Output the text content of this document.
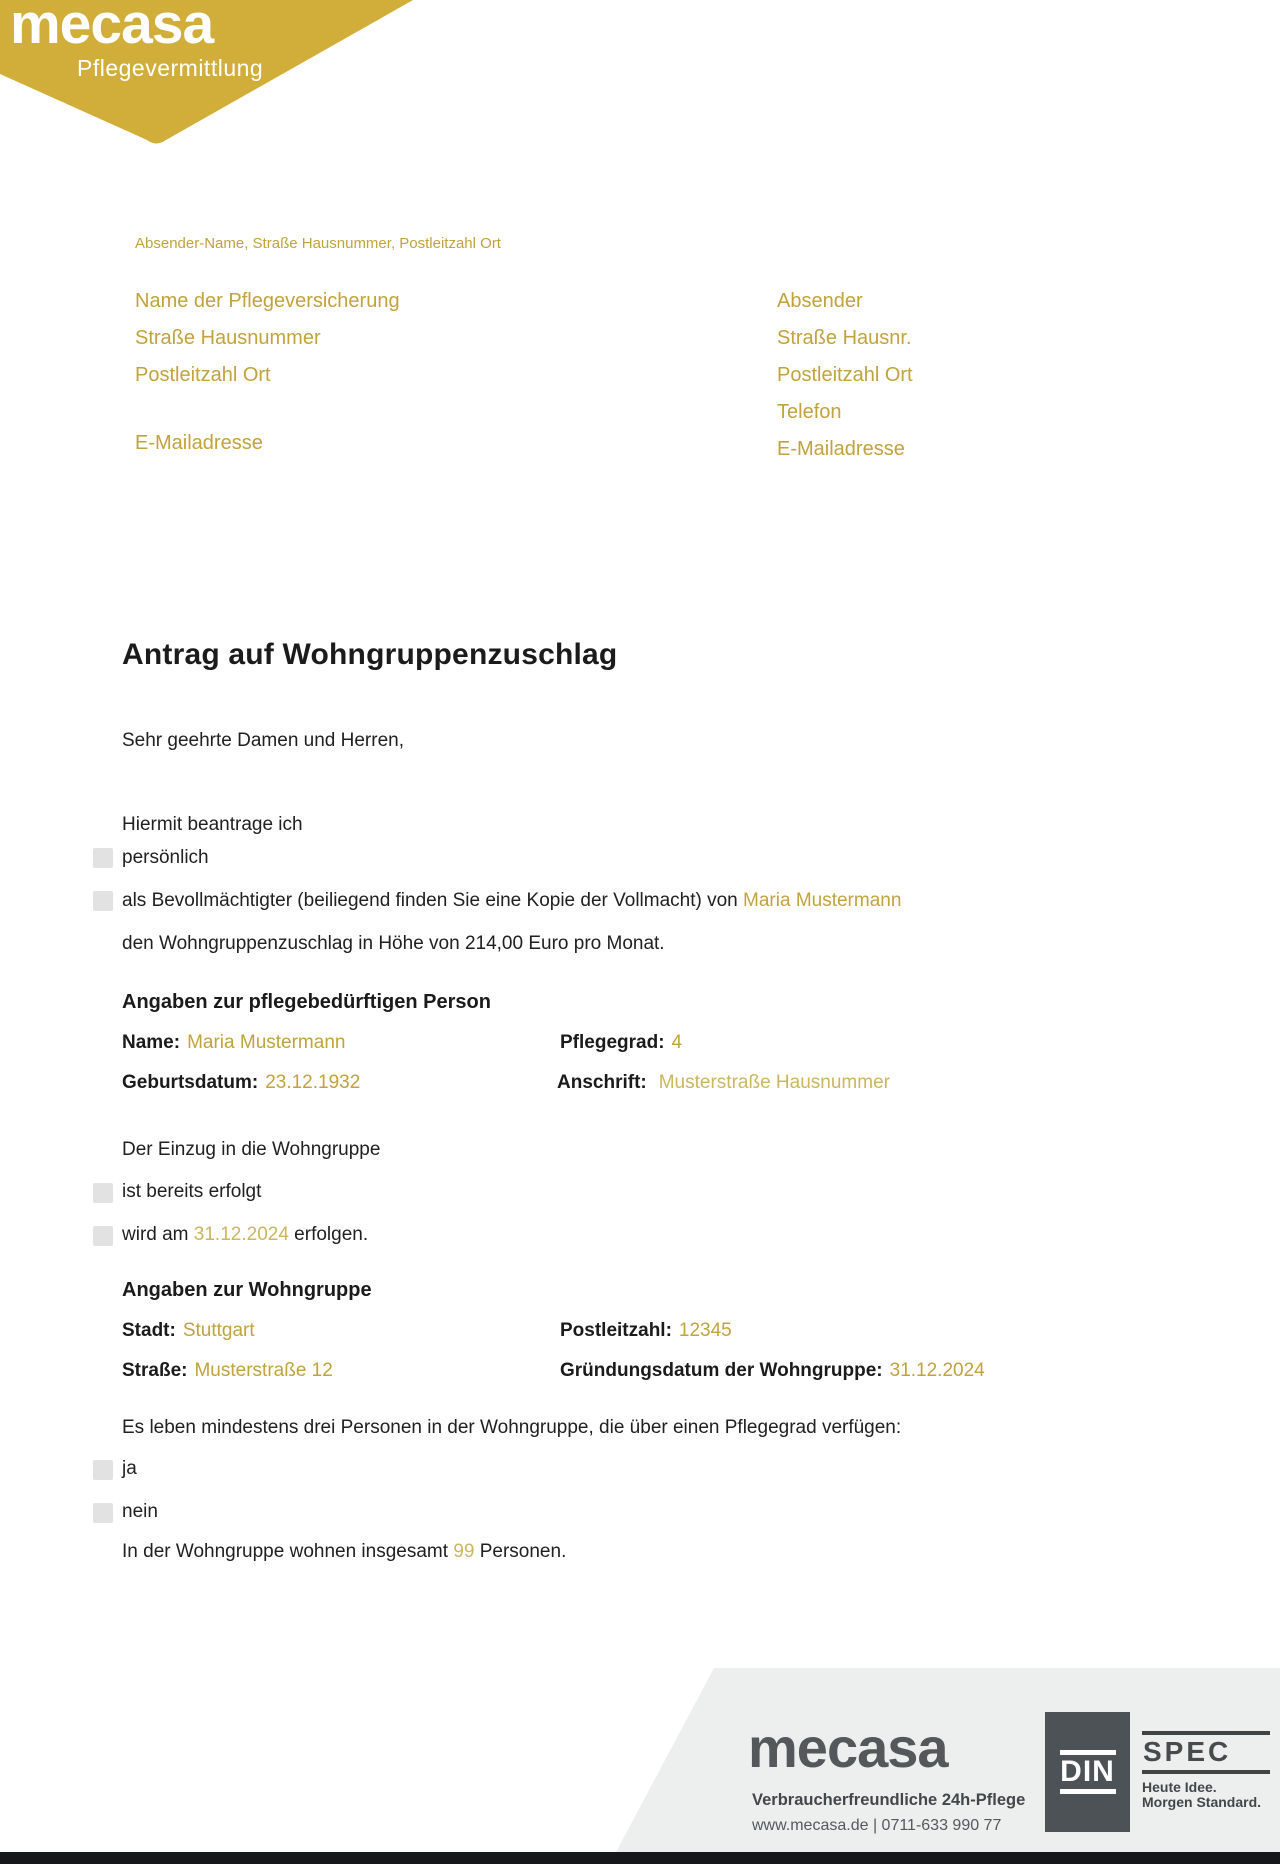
mecasa
Pflegevermittlung
Absender-Name, Straße Hausnummer, Postleitzahl Ort
Name der Pflegeversicherung
Straße Hausnummer
Postleitzahl Ort
E-Mailadresse
Absender
Straße Hausnr.
Postleitzahl Ort
Telefon
E-Mailadresse
Antrag auf Wohngruppenzuschlag
Sehr geehrte Damen und Herren,
Hiermit beantrage ich
persönlich
als Bevollmächtigter (beiliegend finden Sie eine Kopie der Vollmacht) von Maria Mustermann
den Wohngruppenzuschlag in Höhe von 214,00 Euro pro Monat.
Angaben zur pflegebedürftigen Person

Name: Maria Mustermann

	Pflegegrad: 4

Geburtsdatum: 23.12.1932

	Anschrift: Musterstraße Hausnummer

Der Einzug in die Wohngruppe
ist bereits erfolgt
wird am 31.12.2024 erfolgen.
Angaben zur Wohngruppe

Stadt: Stuttgart

	Postleitzahl: 12345

Straße: Musterstraße 12

	Gründungsdatum der Wohngruppe: 31.12.2024

Es leben mindestens drei Personen in der Wohngruppe, die über einen Pflegegrad verfügen:
ja
nein
In der Wohngruppe wohnen insgesamt 99 Personen.
mecasa
Verbraucherfreundliche 24h-Pflege
www.mecasa.de | 0711-633 990 77
DIN
SPEC
Heute Idee.
Morgen Standard.
